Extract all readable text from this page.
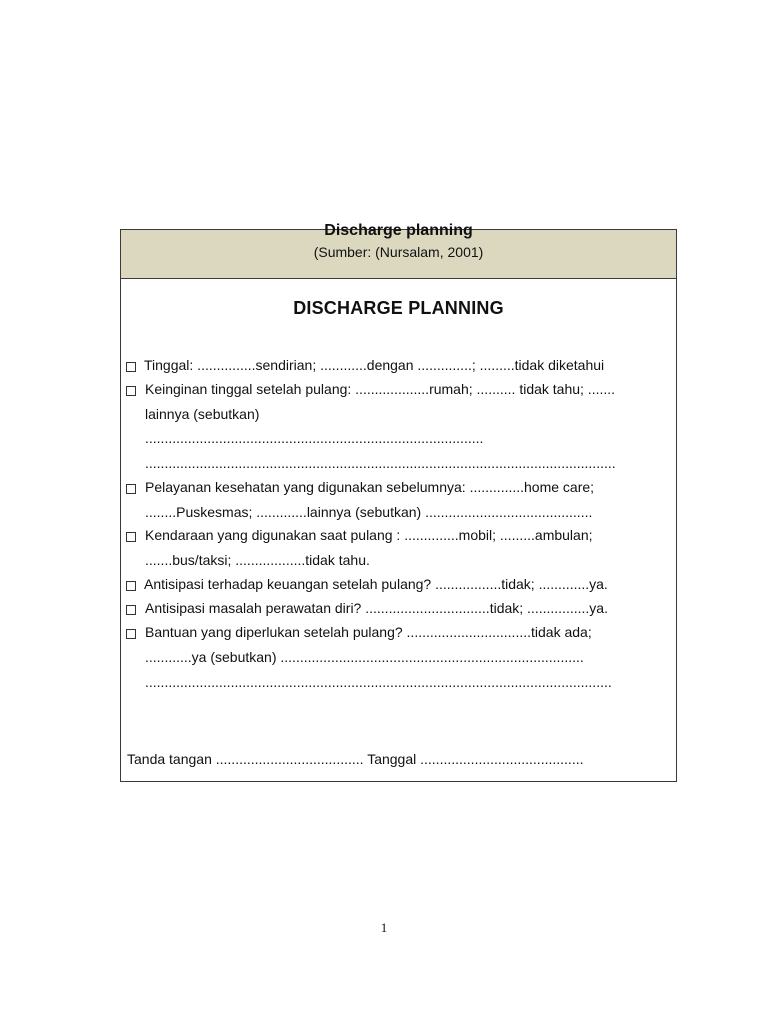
Discharge planning
(Sumber: (Nursalam, 2001)
DISCHARGE PLANNING
Tinggal: ...............sendirian; ............dengan ..............; .........tidak diketahui
Keinginan tinggal setelah pulang: ...................rumah; .......... tidak tahu; .......
lainnya (sebutkan)
.......................................................................................
.........................................................................................................................
Pelayanan kesehatan yang digunakan sebelumnya: ..............home care;
........Puskesmas; .............lainnya (sebutkan) ...........................................
Kendaraan yang digunakan saat pulang : ..............mobil; .........ambulan;
.......bus/taksi; ..................tidak tahu.
Antisipasi terhadap keuangan setelah pulang? .................tidak; .............ya.
Antisipasi masalah perawatan diri? ................................tidak; ................ya.
Bantuan yang diperlukan setelah pulang? ................................tidak ada;
............ya (sebutkan) ..............................................................................
........................................................................................................................
Tanda tangan ...................................... Tanggal ..........................................
1
